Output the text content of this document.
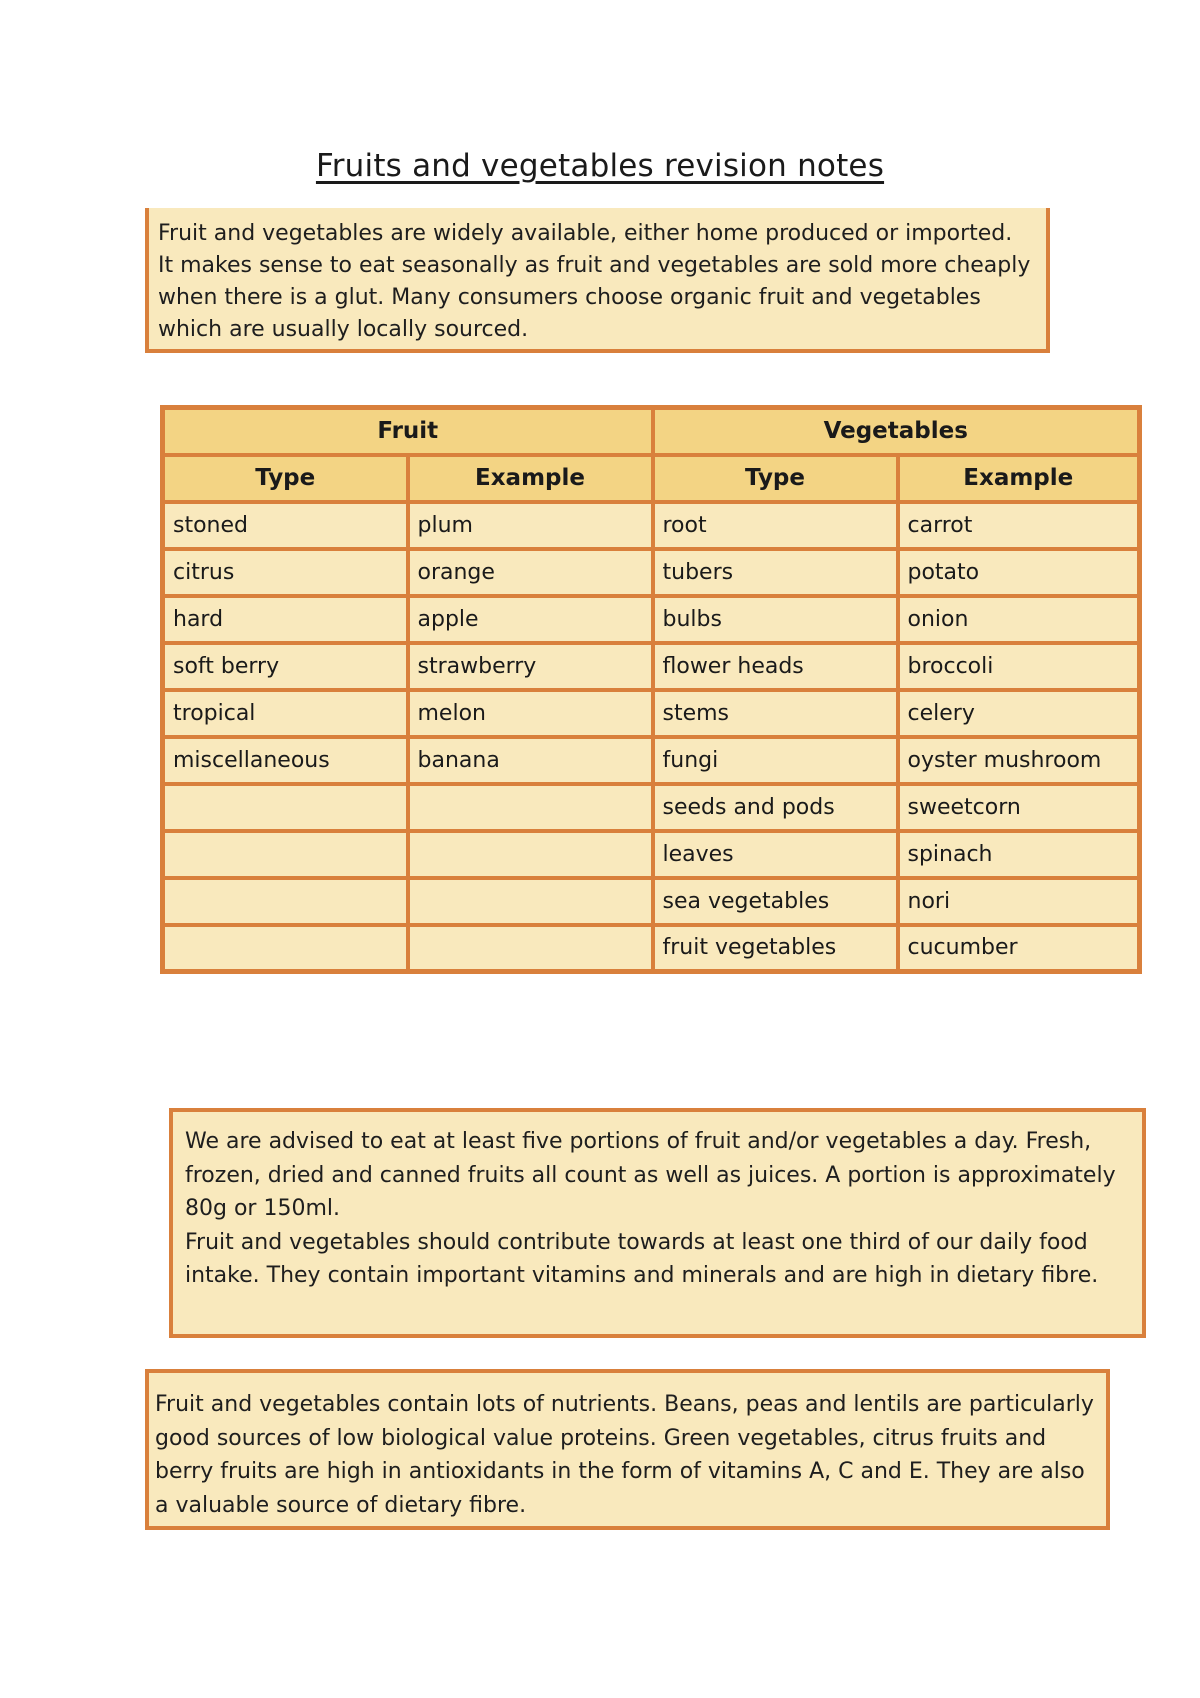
Fruits and vegetables revision notes

Fruit and vegetables are widely available, either home produced or imported. It makes sense to eat seasonally as fruit and vegetables are sold more cheaply when there is a glut. Many consumers choose organic fruit and vegetables which are usually locally sourced.

Fruit		Vegetables	
Type	Example	Type	Example
stoned	plum	root	carrot
citrus	orange	tubers	potato
hard	apple	bulbs	onion
soft berry	strawberry	flower heads	broccoli
tropical	melon	stems	celery
miscellaneous	banana	fungi	oyster mushroom
		seeds and pods	sweetcorn
		leaves	spinach
		sea vegetables	nori
		fruit vegetables	cucumber

We are advised to eat at least five portions of fruit and/or vegetables a day. Fresh, frozen, dried and canned fruits all count as well as juices. A portion is approximately 80g or 150ml.

Fruit and vegetables should contribute towards at least one third of our daily food intake. They contain important vitamins and minerals and are high in dietary fibre.

Fruit and vegetables contain lots of nutrients. Beans, peas and lentils are particularly good sources of low biological value proteins. Green vegetables, citrus fruits and berry fruits are high in antioxidants in the form of vitamins A, C and E. They are also a valuable source of dietary fibre.
